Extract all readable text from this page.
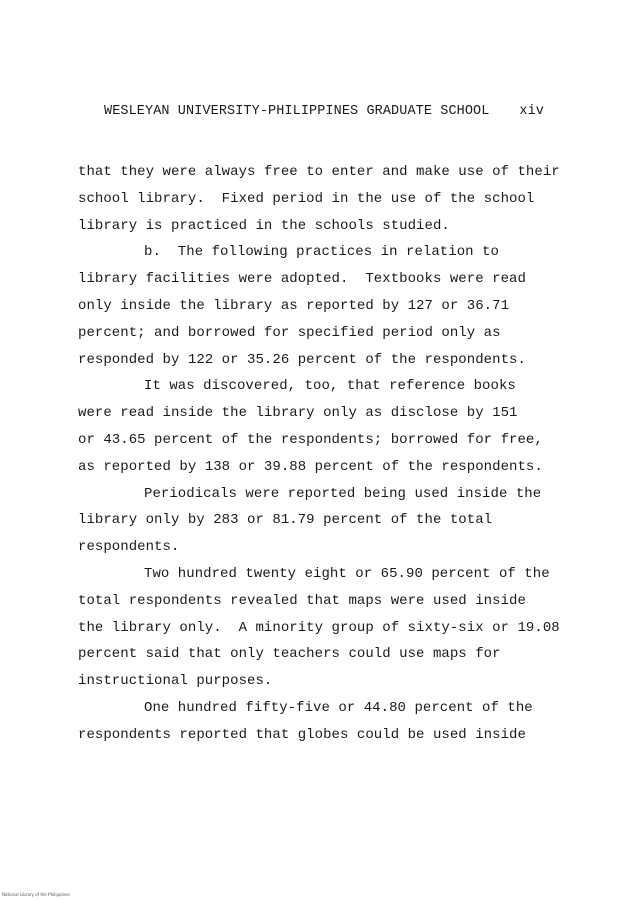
WESLEYAN UNIVERSITY-PHILIPPINES GRADUATE SCHOOL xiv
that they were always free to enter and make use of their
school library.  Fixed period in the use of the school
library is practiced in the schools studied.
b.  The following practices in relation to
library facilities were adopted.  Textbooks were read
only inside the library as reported by 127 or 36.71
percent; and borrowed for specified period only as
responded by 122 or 35.26 percent of the respondents.
It was discovered, too, that reference books
were read inside the library only as disclose by 151
or 43.65 percent of the respondents; borrowed for free,
as reported by 138 or 39.88 percent of the respondents.
Periodicals were reported being used inside the
library only by 283 or 81.79 percent of the total
respondents.
Two hundred twenty eight or 65.90 percent of the
total respondents revealed that maps were used inside
the library only.  A minority group of sixty-six or 19.08
percent said that only teachers could use maps for
instructional purposes.
One hundred fifty-five or 44.80 percent of the
respondents reported that globes could be used inside
National Library of the Philippines
